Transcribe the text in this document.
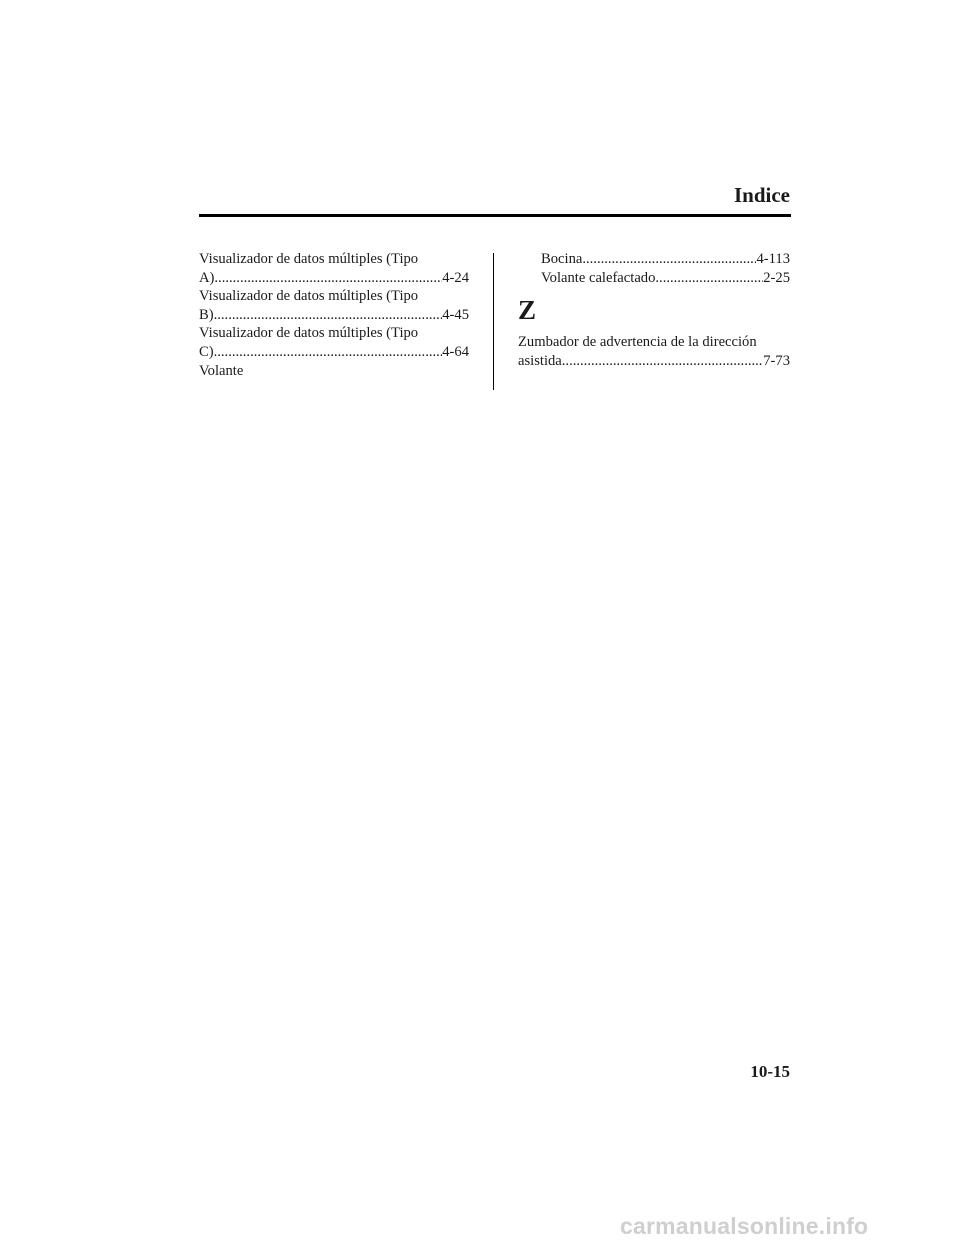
Indice
Visualizador de datos múltiples (Tipo
A) .....	4-24
Visualizador de datos múltiples (Tipo
B) .....	4-45
Visualizador de datos múltiples (Tipo
C) .....	4-64
Volante
Bocina .....	4-113
Volante calefactado .....	2-25
Z
Zumbador de advertencia de la dirección
asistida .....	7-73
10-15
carmanualsonline.info
